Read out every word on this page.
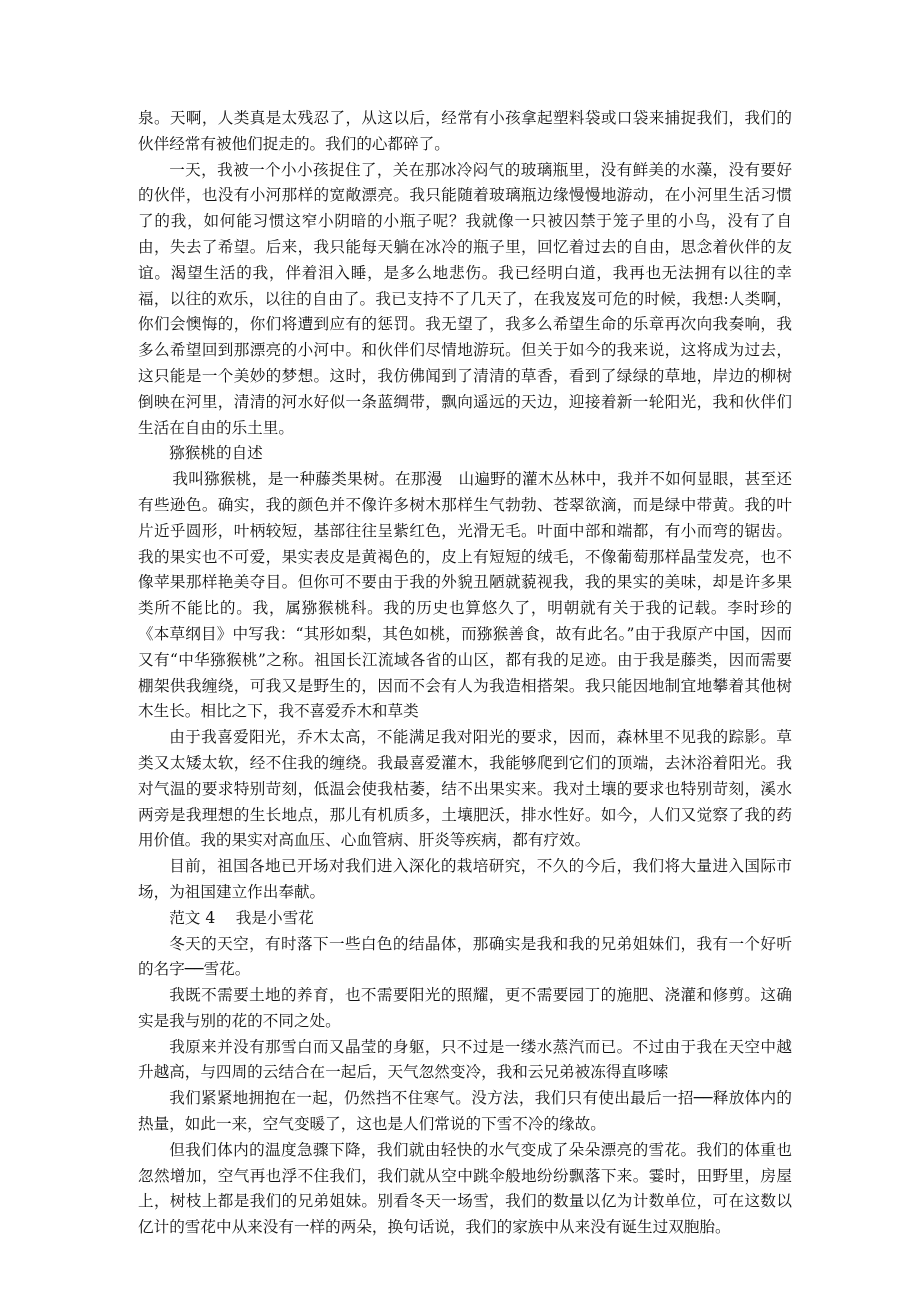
泉。天啊，人类真是太残忍了，从这以后，经常有小孩拿起塑料袋或口袋来捕捉我们，我们的伙伴经常有被他们捉走的。我们的心都碎了。

一天，我被一个小小孩捉住了，关在那冰冷闷气的玻璃瓶里，没有鲜美的水藻，没有要好的伙伴，也没有小河那样的宽敞漂亮。我只能随着玻璃瓶边缘慢慢地游动，在小河里生活习惯了的我，如何能习惯这窄小阴暗的小瓶子呢？我就像一只被囚禁于笼子里的小鸟，没有了自由，失去了希望。后来，我只能每天躺在冰冷的瓶子里，回忆着过去的自由，思念着伙伴的友谊。渴望生活的我，伴着泪入睡，是多么地悲伤。我已经明白道，我再也无法拥有以往的幸福，以往的欢乐，以往的自由了。我已支持不了几天了，在我岌岌可危的时候，我想:人类啊，你们会懊悔的，你们将遭到应有的惩罚。我无望了，我多么希望生命的乐章再次向我奏响，我多么希望回到那漂亮的小河中。和伙伴们尽情地游玩。但关于如今的我来说，这将成为过去，这只能是一个美妙的梦想。这时，我仿佛闻到了清清的草香，看到了绿绿的草地，岸边的柳树倒映在河里，清清的河水好似一条蓝绸带，飘向遥远的天边，迎接着新一轮阳光，我和伙伴们生活在自由的乐土里。

猕猴桃的自述

我叫猕猴桃，是一种藤类果树。在那漫　山遍野的灌木丛林中，我并不如何显眼，甚至还有些逊色。确实，我的颜色并不像许多树木那样生气勃勃、苍翠欲滴，而是绿中带黄。我的叶片近乎圆形，叶柄较短，基部往往呈紫红色，光滑无毛。叶面中部和端都，有小而弯的锯齿。我的果实也不可爱，果实表皮是黄褐色的，皮上有短短的绒毛，不像葡萄那样晶莹发亮，也不像苹果那样艳美夺目。但你可不要由于我的外貌丑陋就藐视我，我的果实的美味，却是许多果类所不能比的。我，属猕猴桃科。我的历史也算悠久了，明朝就有关于我的记载。李时珍的《本草纲目》中写我：“其形如梨，其色如桃，而猕猴善食，故有此名。”由于我原产中国，因而又有“中华猕猴桃”之称。祖国长江流域各省的山区，都有我的足迹。由于我是藤类，因而需要棚架供我缠绕，可我又是野生的，因而不会有人为我造相搭架。我只能因地制宜地攀着其他树木生长。相比之下，我不喜爱乔木和草类

由于我喜爱阳光，乔木太高，不能满足我对阳光的要求，因而，森林里不见我的踪影。草类又太矮太软，经不住我的缠绕。我最喜爱灌木，我能够爬到它们的顶端，去沐浴着阳光。我对气温的要求特别苛刻，低温会使我枯萎，结不出果实来。我对土壤的要求也特别苛刻，溪水两旁是我理想的生长地点，那儿有机质多，土壤肥沃，排水性好。如今，人们又觉察了我的药用价值。我的果实对高血压、心血管病、肝炎等疾病，都有疗效。

目前，祖国各地已开场对我们进入深化的栽培研究，不久的今后，我们将大量进入国际市场，为祖国建立作出奉献。

范文 4　 我是小雪花

冬天的天空，有时落下一些白色的结晶体，那确实是我和我的兄弟姐妹们，我有一个好听的名字──雪花。

我既不需要土地的养育，也不需要阳光的照耀，更不需要园丁的施肥、浇灌和修剪。这确实是我与别的花的不同之处。

我原来并没有那雪白而又晶莹的身躯，只不过是一缕水蒸汽而已。不过由于我在天空中越升越高，与四周的云结合在一起后，天气忽然变冷，我和云兄弟被冻得直哆嗦

我们紧紧地拥抱在一起，仍然挡不住寒气。没方法，我们只有使出最后一招──释放体内的热量，如此一来，空气变暖了，这也是人们常说的下雪不冷的缘故。

但我们体内的温度急骤下降，我们就由轻快的水气变成了朵朵漂亮的雪花。我们的体重也忽然增加，空气再也浮不住我们，我们就从空中跳伞般地纷纷飘落下来。霎时，田野里，房屋上，树枝上都是我们的兄弟姐妹。别看冬天一场雪，我们的数量以亿为计数单位，可在这数以亿计的雪花中从来没有一样的两朵，换句话说，我们的家族中从来没有诞生过双胞胎。
